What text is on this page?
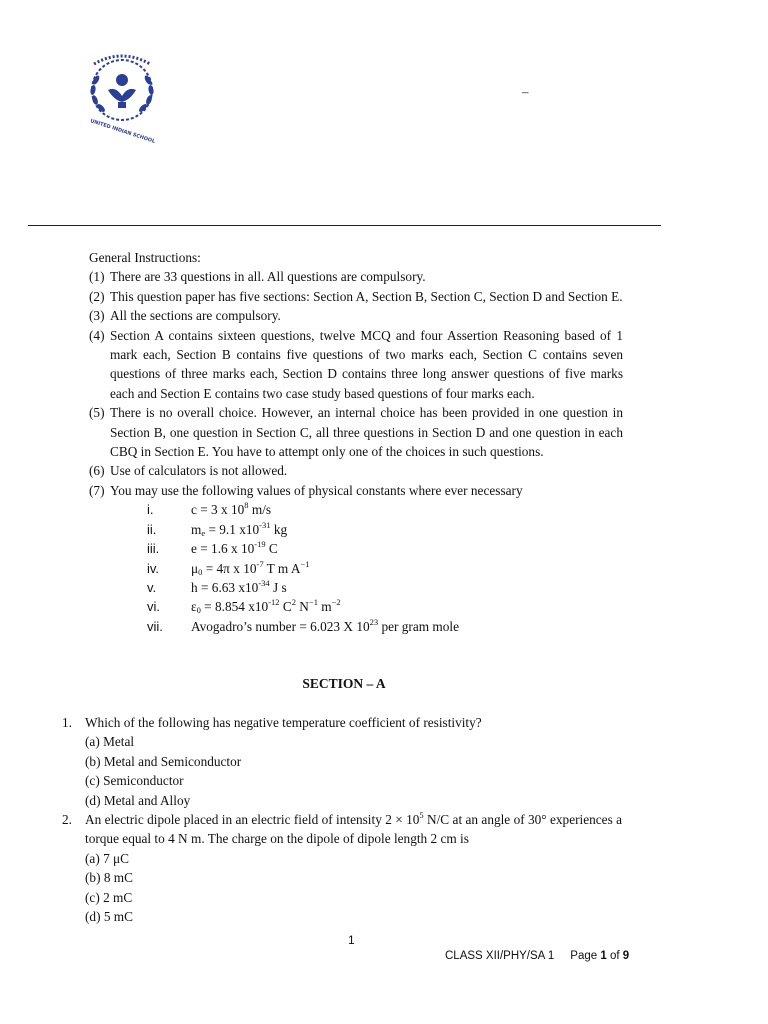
UNITED INDIAN SCHOOL
–
General Instructions:
(1) There are 33 questions in all. All questions are compulsory.
(2) This question paper has five sections: Section A, Section B, Section C, Section D and Section E.
(3) All the sections are compulsory.
(4) Section A contains sixteen questions, twelve MCQ and four Assertion Reasoning based of 1 mark each, Section B contains five questions of two marks each, Section C contains seven questions of three marks each, Section D contains three long answer questions of five marks each and Section E contains two case study based questions of four marks each.
(5) There is no overall choice. However, an internal choice has been provided in one question in Section B, one question in Section C, all three questions in Section D and one question in each CBQ in Section E. You have to attempt only one of the choices in such questions.
(6) Use of calculators is not allowed.
(7) You may use the following values of physical constants where ever necessary
i.	c = 3 x $10^8$ m/s
ii.	$m_e = 9.1$ $x10^{-31}$ kg
iii.	e = 1.6 x $10^{-19}$ C
iv.	$\mu_0 = 4\pi$ x $10^{-7}$ T m $A^{-1}$
v.	h = 6.63 $x10^{-34}$ J s
vi.	$\varepsilon_0 = 8.854$ $x10^{-12}$ $C^2$ $N^{-1}$ $m^{-2}$
vii.	Avogadro’s number = 6.023 X $10^{23}$ per gram mole
SECTION – A
1. Which of the following has negative temperature coefficient of resistivity?
(a) Metal
(b) Metal and Semiconductor
(c) Semiconductor
(d) Metal and Alloy
2. An electric dipole placed in an electric field of intensity $2 \times 10^5$ N/C at an angle of 30° experiences a torque equal to 4 N m. The charge on the dipole of dipole length 2 cm is
(a) 7 μC
(b) 8 mC
(c) 2 mC
(d) 5 mC
1
CLASS XII/PHY/SA 1 Page 1 of 9
